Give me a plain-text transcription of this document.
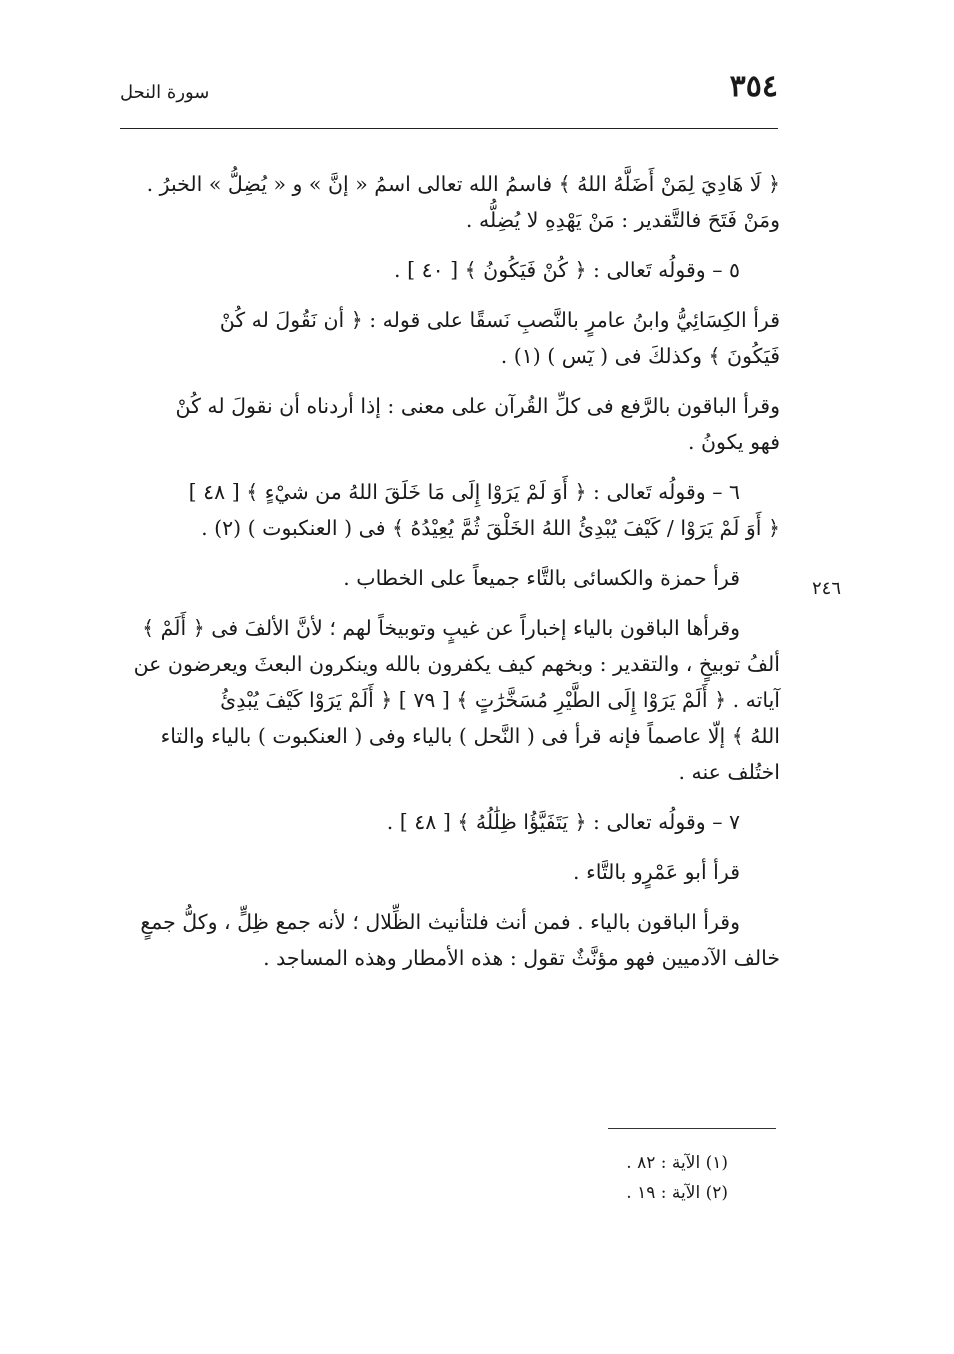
٣٥٤
سورة النحل

﴿ لَا هَادِيَ لِمَنْ أَضَلَّهُ اللهُ ﴾ فاسمُ الله تعالى اسمُ « إنَّ » و « يُضِلُّ » الخبرُ .
ومَنْ فَتَحَ فالتَّقدير : مَنْ يَهْدِهِ لا يُضِلُّه .

٥ – وقولُه تَعالى : ﴿ كُنْ فَيَكُونُ ﴾ [ ٤٠ ] .

قرأ الكِسَائِيُّ وابنُ عامرٍ بالنَّصبِ نَسقًا على قوله : ﴿ أن نَقُولَ له كُنْ
فَيَكُونَ ﴾ وكذلكَ فى ( يٓس ) (١) .

وقرأ الباقون بالرَّفع فى كلِّ القُرآن على معنى : إذا أردناه أن نقولَ له كُنْ
فهو يكونُ .

٦ – وقولُه تَعالى : ﴿ أَوَ لَمْ يَرَوْا إِلَى مَا خَلَقَ اللهُ من شيْءٍ ﴾ [ ٤٨ ]
﴿ أَوَ لَمْ يَرَوْا / كَيْفَ يُبْدِئُ اللهُ الخَلْقَ ثُمَّ يُعِيْدُهُ ﴾ فى ( العنكبوت ) (٢) .

قرأ حمزة والكسائى بالتَّاء جميعاً على الخطاب .

وقرأها الباقون بالياء إخباراً عن غيبٍ وتوبيخاً لهم ؛ لأنَّ الألفَ فى ﴿ أَلَمْ ﴾
ألفُ توبيخٍ ، والتقدير : وبخهم كيف يكفرون بالله وينكرون البعثَ ويعرضون عن
آياته . ﴿ أَلَمْ يَرَوْا إِلَى الطَّيْرِ مُسَخَّرَٰتٍ ﴾ [ ٧٩ ] ﴿ أَلَمْ يَرَوْا كَيْفَ يُبْدِئُ
اللهُ ﴾ إلّا عاصماً فإنه قرأ فى ( النَّحل ) بالياء وفى ( العنكبوت ) بالياء والتاء
اختُلف عنه .

٧ – وقولُه تعالى : ﴿ يَتَفَيَّؤُا ظِلَٰلُهُ ﴾ [ ٤٨ ] .

قرأ أبو عَمْرٍو بالتَّاء .

وقرأ الباقون بالياء . فمن أنث فلتأنيث الظِّلال ؛ لأنه جمع ظِلٍّ ، وكلُّ جمعٍ
خالف الآدميين فهو مؤنَّثٌ تقول : هذه الأمطار وهذه المساجد .

٢٤٦
(١) الآية : ٨٢ .
(٢) الآية : ١٩ .
